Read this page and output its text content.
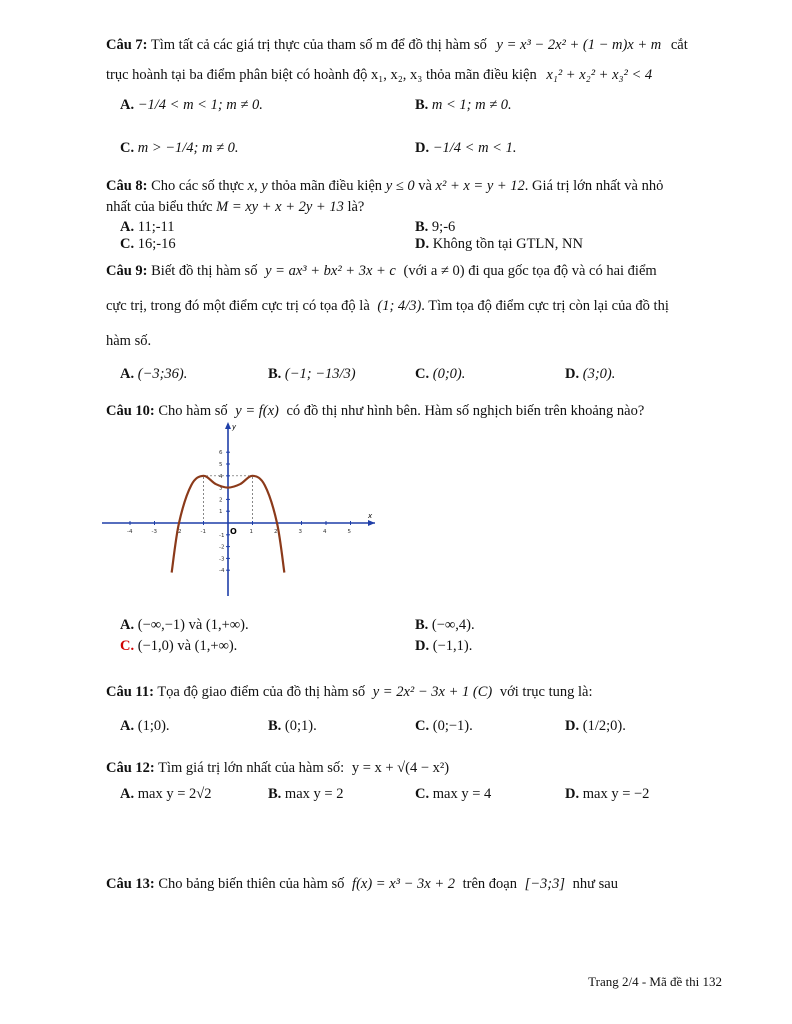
Câu 7: Tìm tất cả các giá trị thực của tham số m để đồ thị hàm số y = x³ − 2x² + (1 − m)x + m cắt
trục hoành tại ba điểm phân biệt có hoành độ x₁, x₂, x₃ thỏa mãn điều kiện x₁² + x₂² + x₃² < 4
A. −1/4 < m < 1; m ≠ 0.	B. m < 1; m ≠ 0.
C. m > −1/4; m ≠ 0.	D. −1/4 < m < 1.
Câu 8: Cho các số thực x, y thỏa mãn điều kiện y ≤ 0 và x² + x = y + 12. Giá trị lớn nhất và nhỏ
nhất của biểu thức M = xy + x + 2y + 13 là?
A. 11;-11	B. 9;-6
C. 16;-16	D. Không tồn tại GTLN, NN
Câu 9: Biết đồ thị hàm số y = ax³ + bx² + 3x + c (với a ≠ 0) đi qua gốc tọa độ và có hai điểm
cực trị, trong đó một điểm cực trị có tọa độ là (1; 4/3). Tìm tọa độ điểm cực trị còn lại của đồ thị
hàm số.
A. (−3;36).	B. (−1; −13/3)	C. (0;0).	D. (3;0).
Câu 10: Cho hàm số y = f(x) có đồ thị như hình bên. Hàm số nghịch biến trên khoảng nào?
x
y
O
-4	-3	-2	-1	1	2	3	4	5
-4
-3
-2
-1
1
2
3
4
5
6
A. (−∞,−1) và (1,+∞).	B. (−∞,4).
C. (−1,0) và (1,+∞).	D. (−1,1).
Câu 11: Tọa độ giao điểm của đồ thị hàm số y = 2x² − 3x + 1 (C) với trục tung là:
A. (1;0).	B. (0;1).	C. (0;−1).	D. (1/2;0).
Câu 12: Tìm giá trị lớn nhất của hàm số: y = x + √(4 − x²)
A. max y = 2√2	B. max y = 2	C. max y = 4	D. max y = −2
Câu 13: Cho bảng biến thiên của hàm số f(x) = x³ − 3x + 2 trên đoạn [−3;3] như sau
Trang 2/4 - Mã đề thi 132
